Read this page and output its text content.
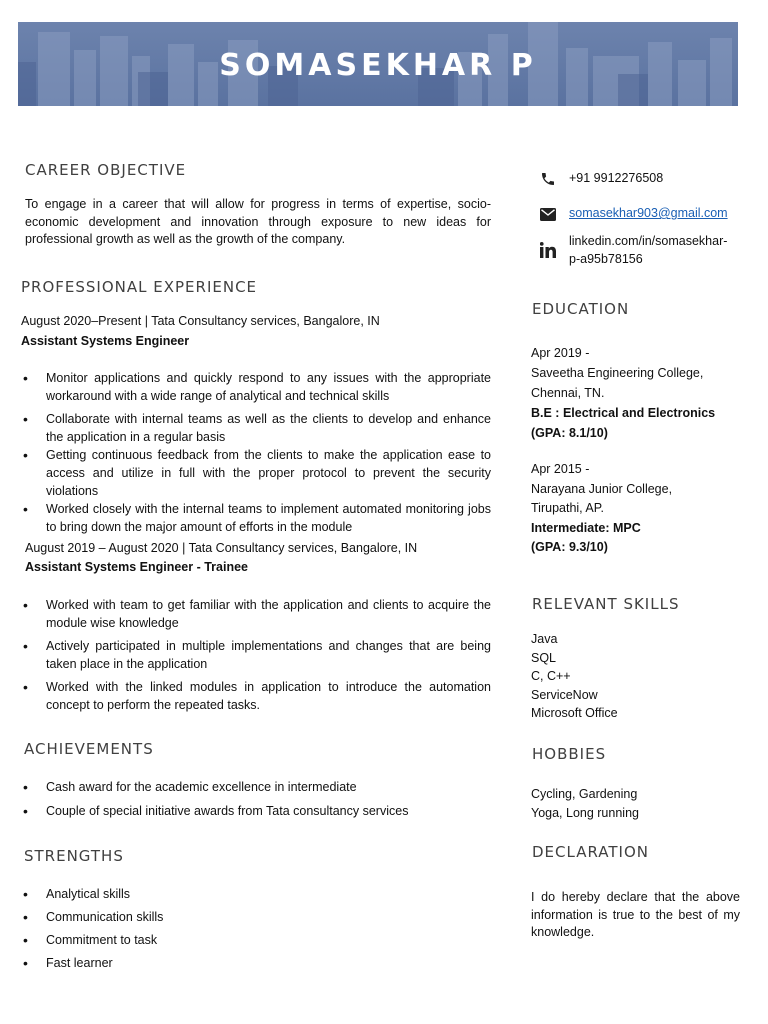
SOMASEKHAR P
CAREER OBJECTIVE
To engage in a career that will allow for progress in terms of expertise, socio-economic development and innovation through exposure to new ideas for professional growth as well as the growth of the company.
PROFESSIONAL EXPERIENCE
August 2020–Present | Tata Consultancy services, Bangalore, IN
Assistant Systems Engineer
• Monitor applications and quickly respond to any issues with the appropriate workaround with a wide range of analytical and technical skills
• Collaborate with internal teams as well as the clients to develop and enhance the application in a regular basis
• Getting continuous feedback from the clients to make the application ease to access and utilize in full with the proper protocol to prevent the security violations
• Worked closely with the internal teams to implement automated monitoring jobs to bring down the major amount of efforts in the module
August 2019 – August 2020 | Tata Consultancy services, Bangalore, IN
Assistant Systems Engineer - Trainee
• Worked with team to get familiar with the application and clients to acquire the module wise knowledge
• Actively participated in multiple implementations and changes that are being taken place in the application
• Worked with the linked modules in application to introduce the automation concept to perform the repeated tasks.
ACHIEVEMENTS
• Cash award for the academic excellence in intermediate
• Couple of special initiative awards from Tata consultancy services
STRENGTHS
• Analytical skills
• Communication skills
• Commitment to task
• Fast learner
+91 9912276508
somasekhar903@gmail.com
linkedin.com/in/somasekhar-
p-a95b78156
EDUCATION
Apr 2019 -
Saveetha Engineering College,
Chennai, TN.
B.E : Electrical and Electronics
(GPA: 8.1/10)
Apr 2015 -
Narayana Junior College,
Tirupathi, AP.
Intermediate: MPC
(GPA: 9.3/10)
RELEVANT SKILLS
Java
SQL
C, C++
ServiceNow
Microsoft Office
HOBBIES
Cycling, Gardening
Yoga, Long running
DECLARATION
I do hereby declare that the above information is true to the best of my knowledge.
